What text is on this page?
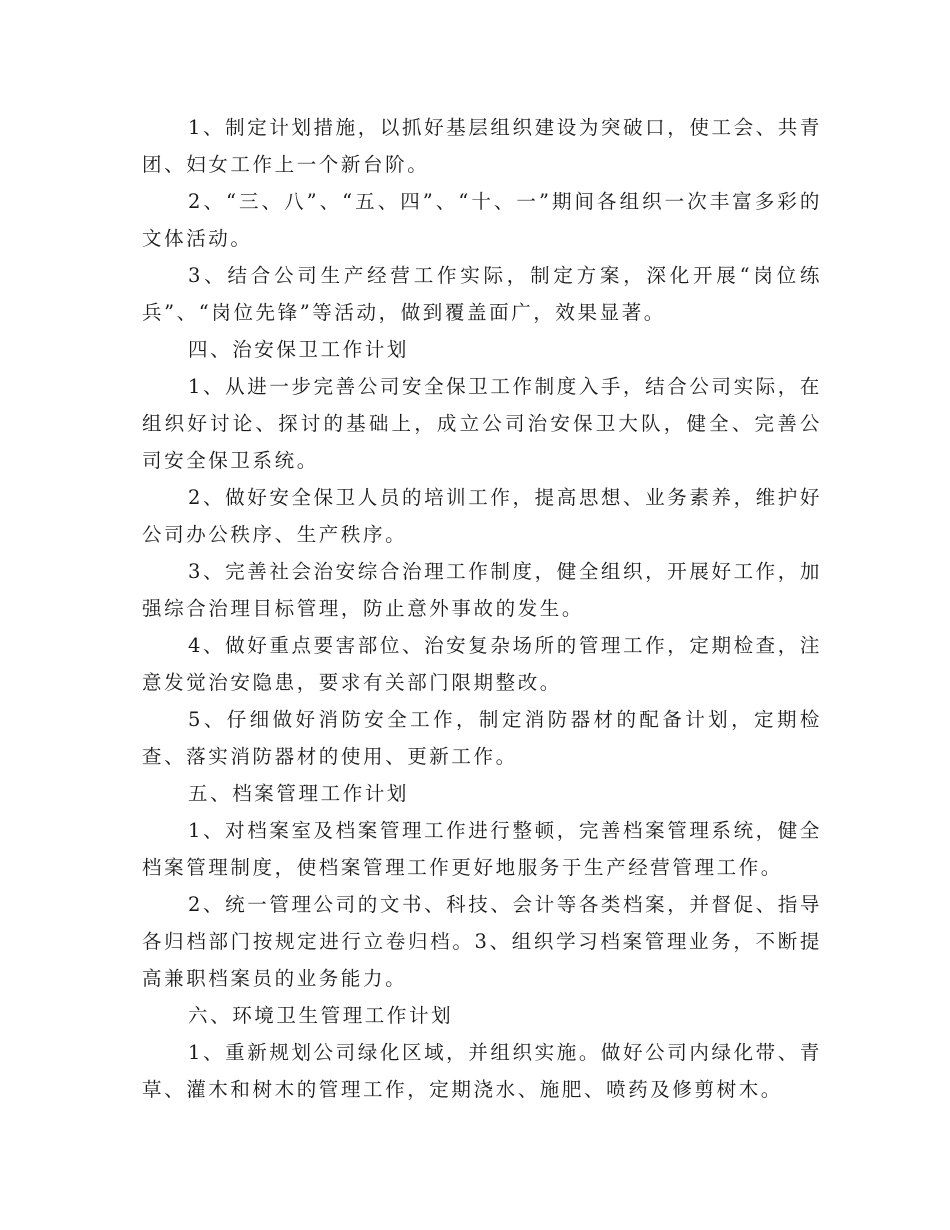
1、制定计划措施，以抓好基层组织建设为突破口，使工会、共青团、妇女工作上一个新台阶。

2、“三、八”、“五、四”、“十、一”期间各组织一次丰富多彩的文体活动。

3、结合公司生产经营工作实际，制定方案，深化开展“岗位练兵”、“岗位先锋”等活动，做到覆盖面广，效果显著。

四、治安保卫工作计划

1、从进一步完善公司安全保卫工作制度入手，结合公司实际，在组织好讨论、探讨的基础上，成立公司治安保卫大队，健全、完善公司安全保卫系统。

2、做好安全保卫人员的培训工作，提高思想、业务素养，维护好公司办公秩序、生产秩序。

3、完善社会治安综合治理工作制度，健全组织，开展好工作，加强综合治理目标管理，防止意外事故的发生。

4、做好重点要害部位、治安复杂场所的管理工作，定期检查，注意发觉治安隐患，要求有关部门限期整改。

5、仔细做好消防安全工作，制定消防器材的配备计划，定期检查、落实消防器材的使用、更新工作。

五、档案管理工作计划

1、对档案室及档案管理工作进行整顿，完善档案管理系统，健全档案管理制度，使档案管理工作更好地服务于生产经营管理工作。

2、统一管理公司的文书、科技、会计等各类档案，并督促、指导各归档部门按规定进行立卷归档。3、组织学习档案管理业务，不断提高兼职档案员的业务能力。

六、环境卫生管理工作计划

1、重新规划公司绿化区域，并组织实施。做好公司内绿化带、青草、灌木和树木的管理工作，定期浇水、施肥、喷药及修剪树木。
